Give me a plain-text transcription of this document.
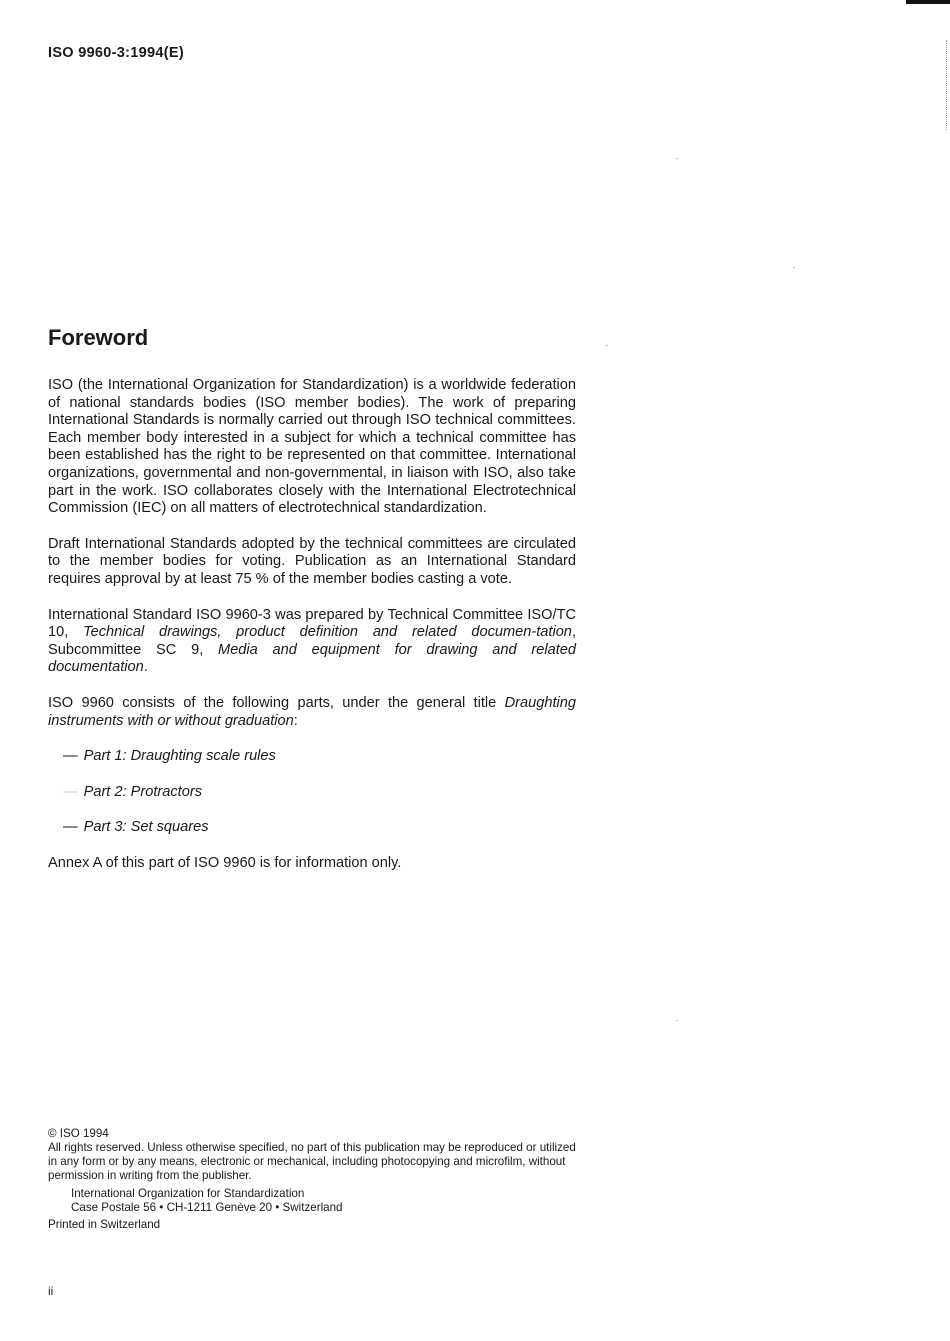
ISO 9960-3:1994(E)
Foreword

ISO (the International Organization for Standardization) is a worldwide federation of national standards bodies (ISO member bodies). The work of preparing International Standards is normally carried out through ISO technical committees. Each member body interested in a subject for which a technical committee has been established has the right to be represented on that committee. International organizations, governmental and non-governmental, in liaison with ISO, also take part in the work. ISO collaborates closely with the International Electrotechnical Commission (IEC) on all matters of electrotechnical standardization.

Draft International Standards adopted by the technical committees are circulated to the member bodies for voting. Publication as an International Standard requires approval by at least 75 % of the member bodies casting a vote.

International Standard ISO 9960-3 was prepared by Technical Committee ISO/TC 10, Technical drawings, product definition and related documen-tation, Subcommittee SC 9, Media and equipment for drawing and related documentation.

ISO 9960 consists of the following parts, under the general title Draughting instruments with or without graduation:

— Part 1: Draughting scale rules
— Part 2: Protractors
— Part 3: Set squares

Annex A of this part of ISO 9960 is for information only.

© ISO 1994

All rights reserved. Unless otherwise specified, no part of this publication may be reproduced or utilized in any form or by any means, electronic or mechanical, including photocopying and microfilm, without permission in writing from the publisher.

International Organization for Standardization

Case Postale 56 • CH-1211 Genève 20 • Switzerland

Printed in Switzerland

ii
